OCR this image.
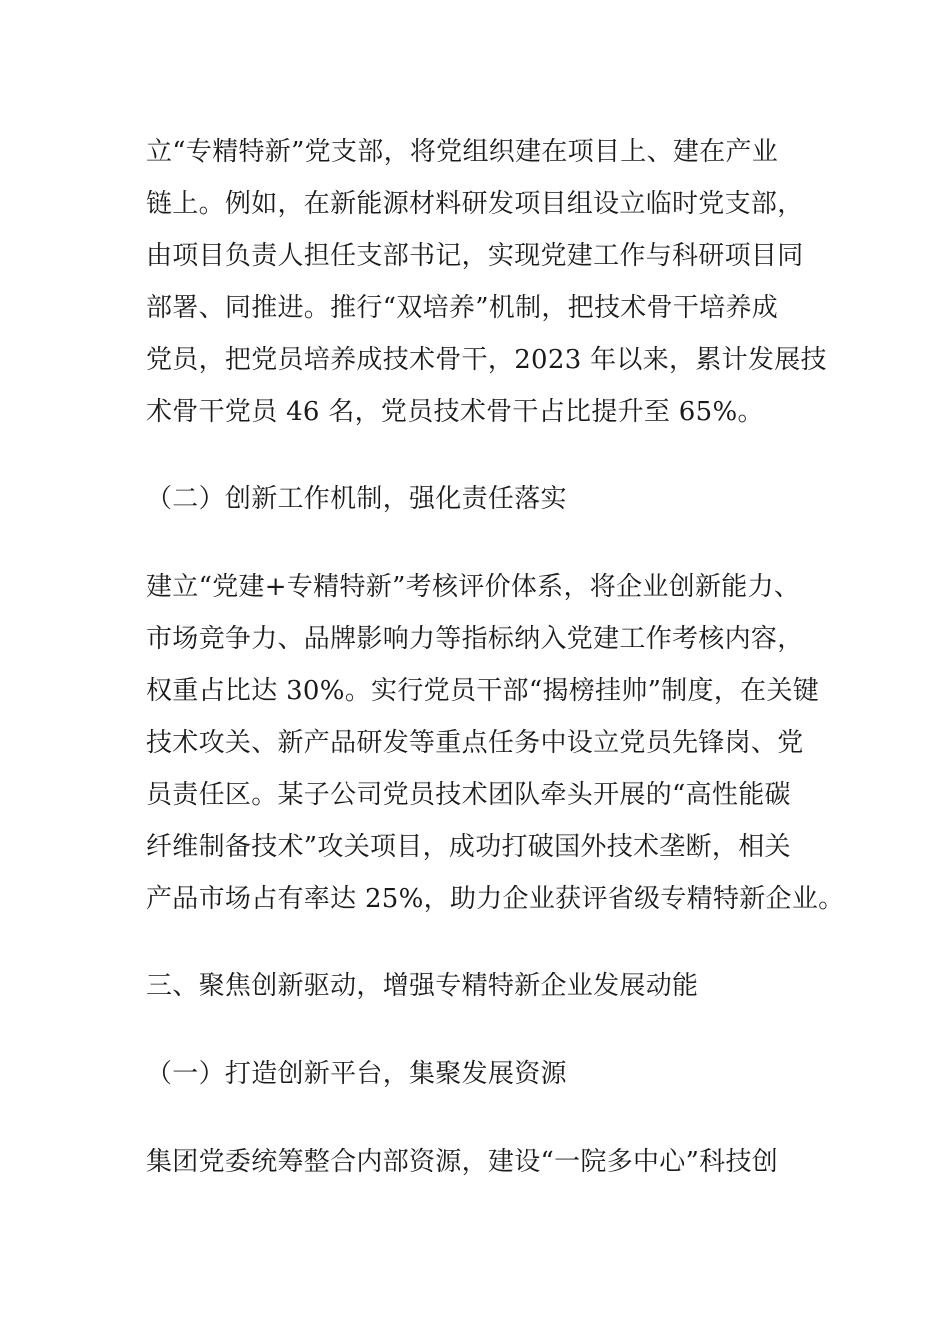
立“专精特新”党支部，将党组织建在项目上、建在产业

链上。例如，在新能源材料研发项目组设立临时党支部，

由项目负责人担任支部书记，实现党建工作与科研项目同

部署、同推进。推行“双培养”机制，把技术骨干培养成

党员，把党员培养成技术骨干，2023 年以来，累计发展技

术骨干党员 46 名，党员技术骨干占比提升至 65%。

（二）创新工作机制，强化责任落实

建立“党建+专精特新”考核评价体系，将企业创新能力、

市场竞争力、品牌影响力等指标纳入党建工作考核内容，

权重占比达 30%。实行党员干部“揭榜挂帅”制度，在关键

技术攻关、新产品研发等重点任务中设立党员先锋岗、党

员责任区。某子公司党员技术团队牵头开展的“高性能碳

纤维制备技术”攻关项目，成功打破国外技术垄断，相关

产品市场占有率达 25%，助力企业获评省级专精特新企业。

三、聚焦创新驱动，增强专精特新企业发展动能

（一）打造创新平台，集聚发展资源

集团党委统筹整合内部资源，建设“一院多中心”科技创
